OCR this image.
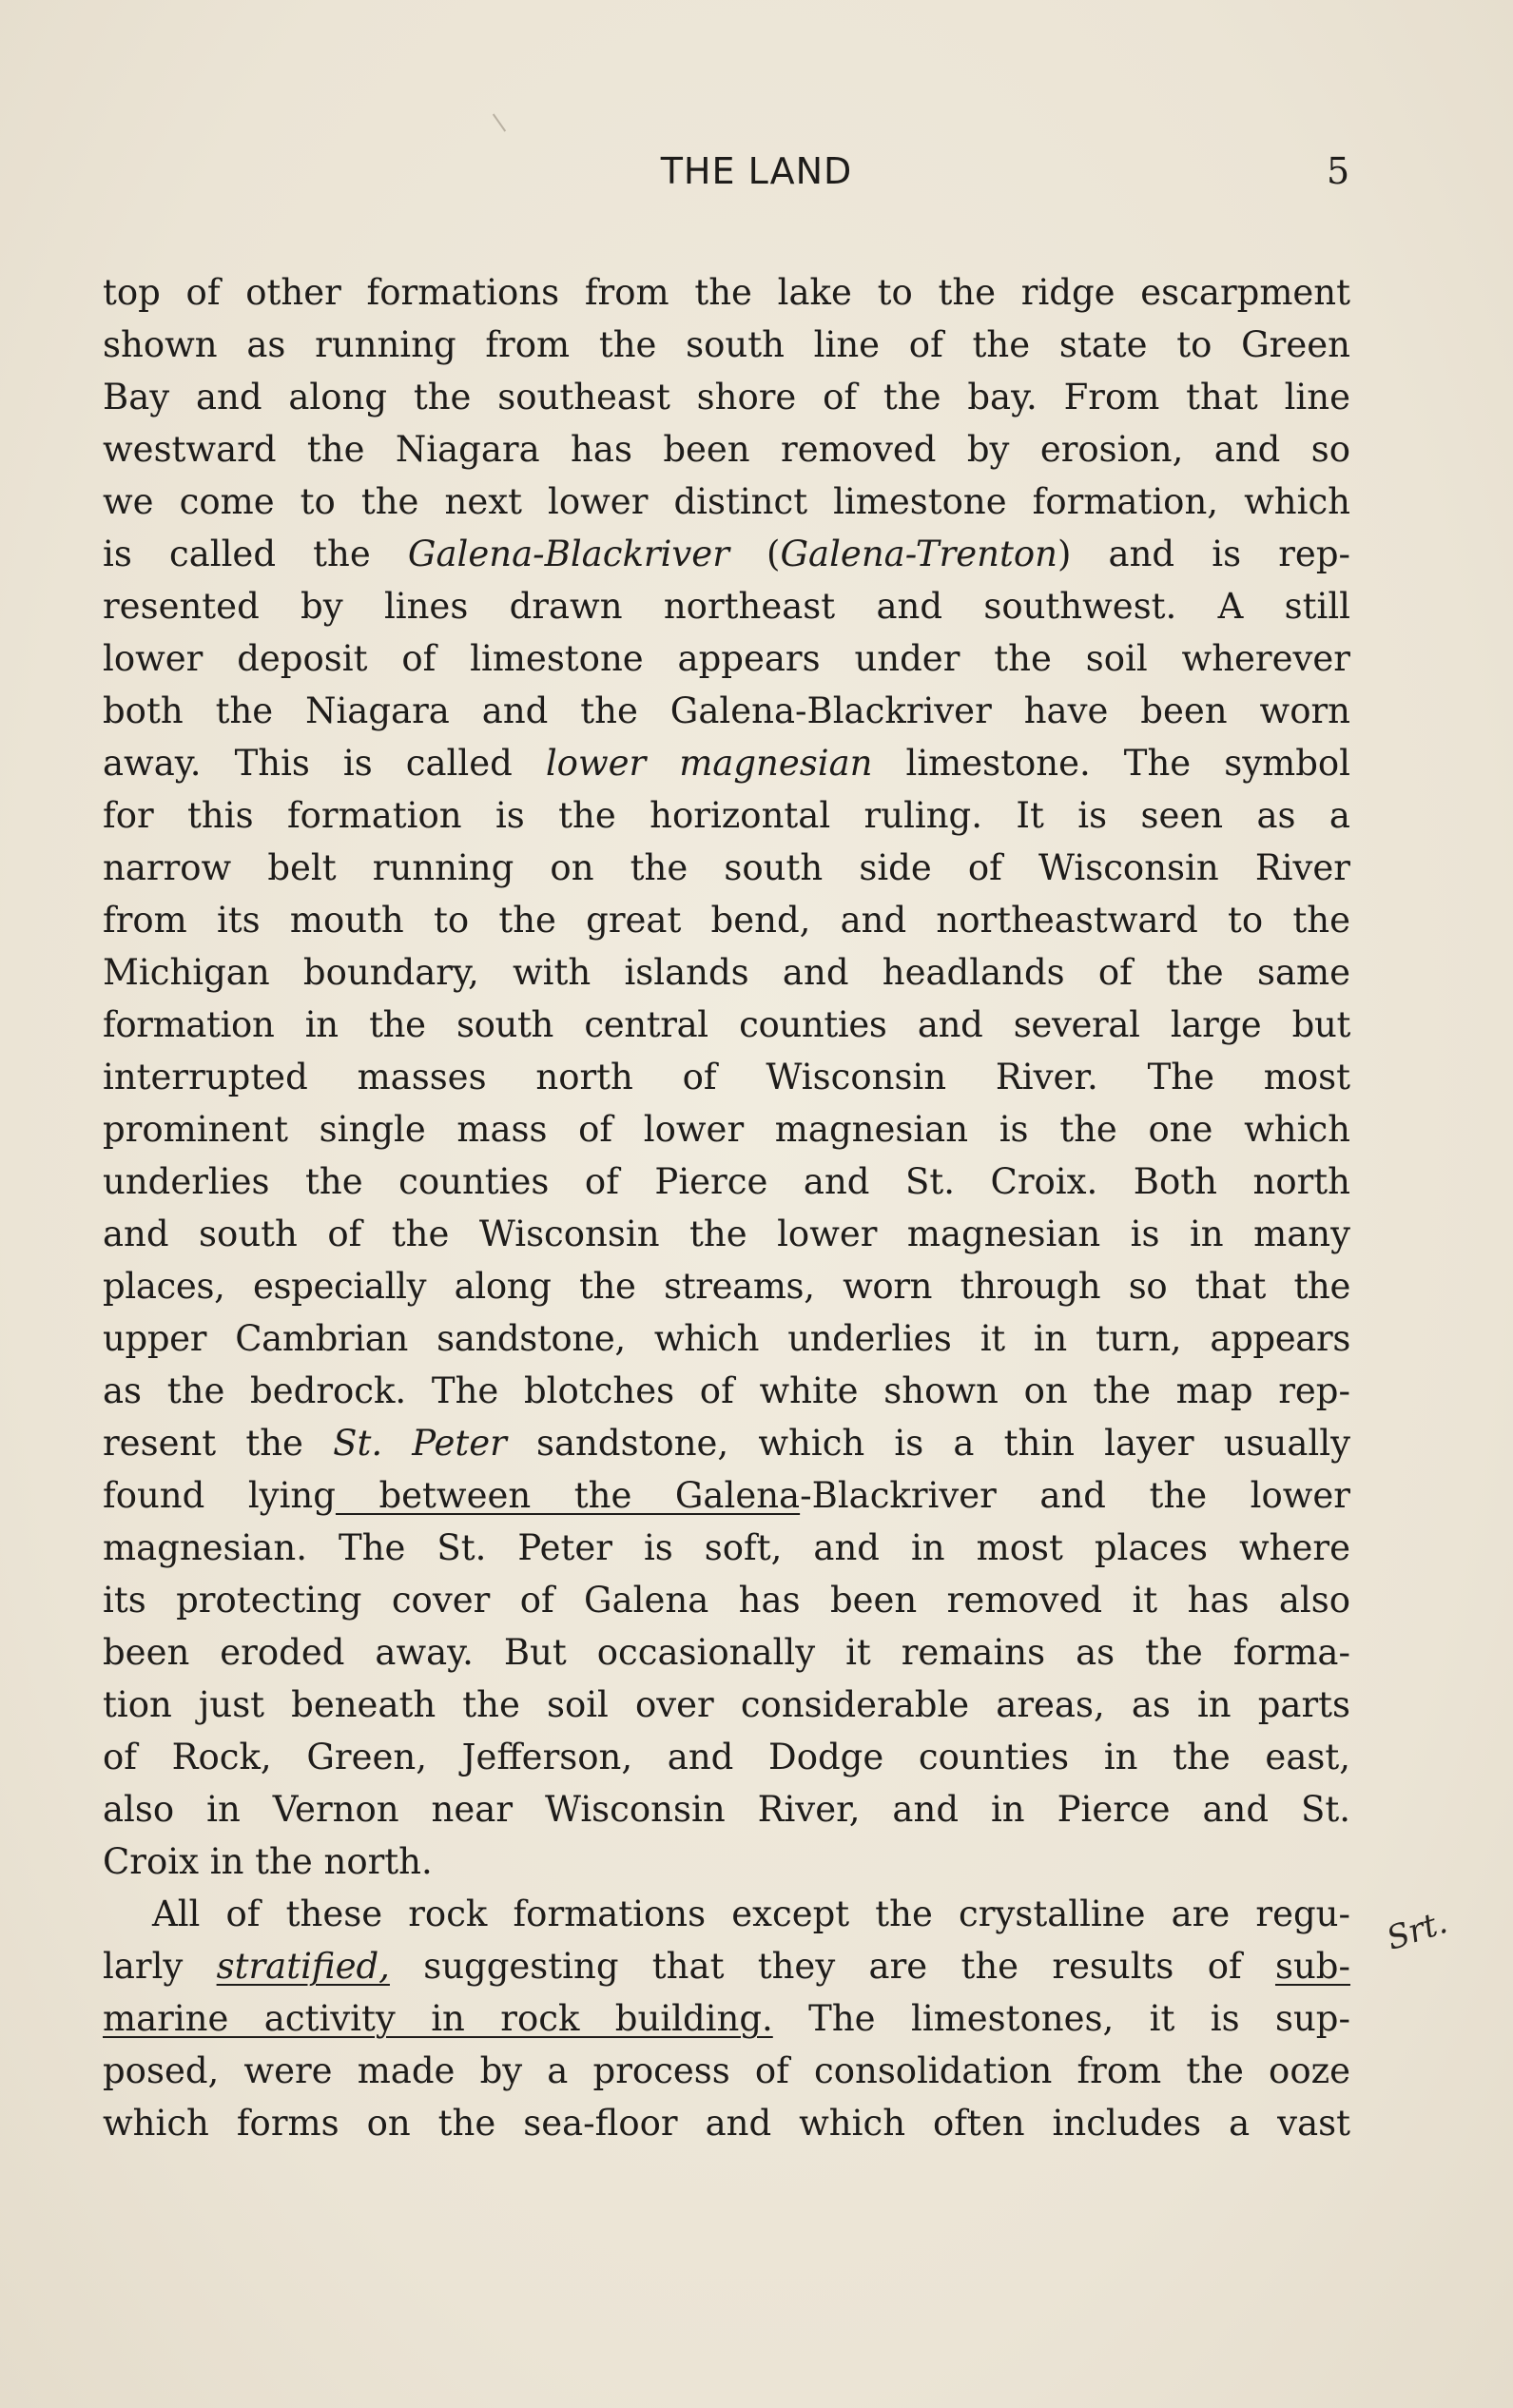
THE LAND	5
top of other formations from the lake to the ridge escarpment
shown as running from the south line of the state to Green
Bay and along the southeast shore of the bay. From that line
westward the Niagara has been removed by erosion, and so
we come to the next lower distinct limestone formation, which
is called the Galena-Blackriver (Galena-Trenton) and is rep-
resented by lines drawn northeast and southwest. A still
lower deposit of limestone appears under the soil wherever
both the Niagara and the Galena-Blackriver have been worn
away. This is called lower magnesian limestone. The symbol
for this formation is the horizontal ruling. It is seen as a
narrow belt running on the south side of Wisconsin River
from its mouth to the great bend, and northeastward to the
Michigan boundary, with islands and headlands of the same
formation in the south central counties and several large but
interrupted masses north of Wisconsin River. The most
prominent single mass of lower magnesian is the one which
underlies the counties of Pierce and St. Croix. Both north
and south of the Wisconsin the lower magnesian is in many
places, especially along the streams, worn through so that the
upper Cambrian sandstone, which underlies it in turn, appears
as the bedrock. The blotches of white shown on the map rep-
resent the St. Peter sandstone, which is a thin layer usually
found lying between the Galena-Blackriver and the lower
magnesian. The St. Peter is soft, and in most places where
its protecting cover of Galena has been removed it has also
been eroded away. But occasionally it remains as the forma-
tion just beneath the soil over considerable areas, as in parts
of Rock, Green, Jefferson, and Dodge counties in the east,
also in Vernon near Wisconsin River, and in Pierce and St.
Croix in the north.
All of these rock formations except the crystalline are regu-
larly stratified, suggesting that they are the results of sub-
marine activity in rock building. The limestones, it is sup-
posed, were made by a process of consolidation from the ooze
which forms on the sea-floor and which often includes a vast
Srt.
